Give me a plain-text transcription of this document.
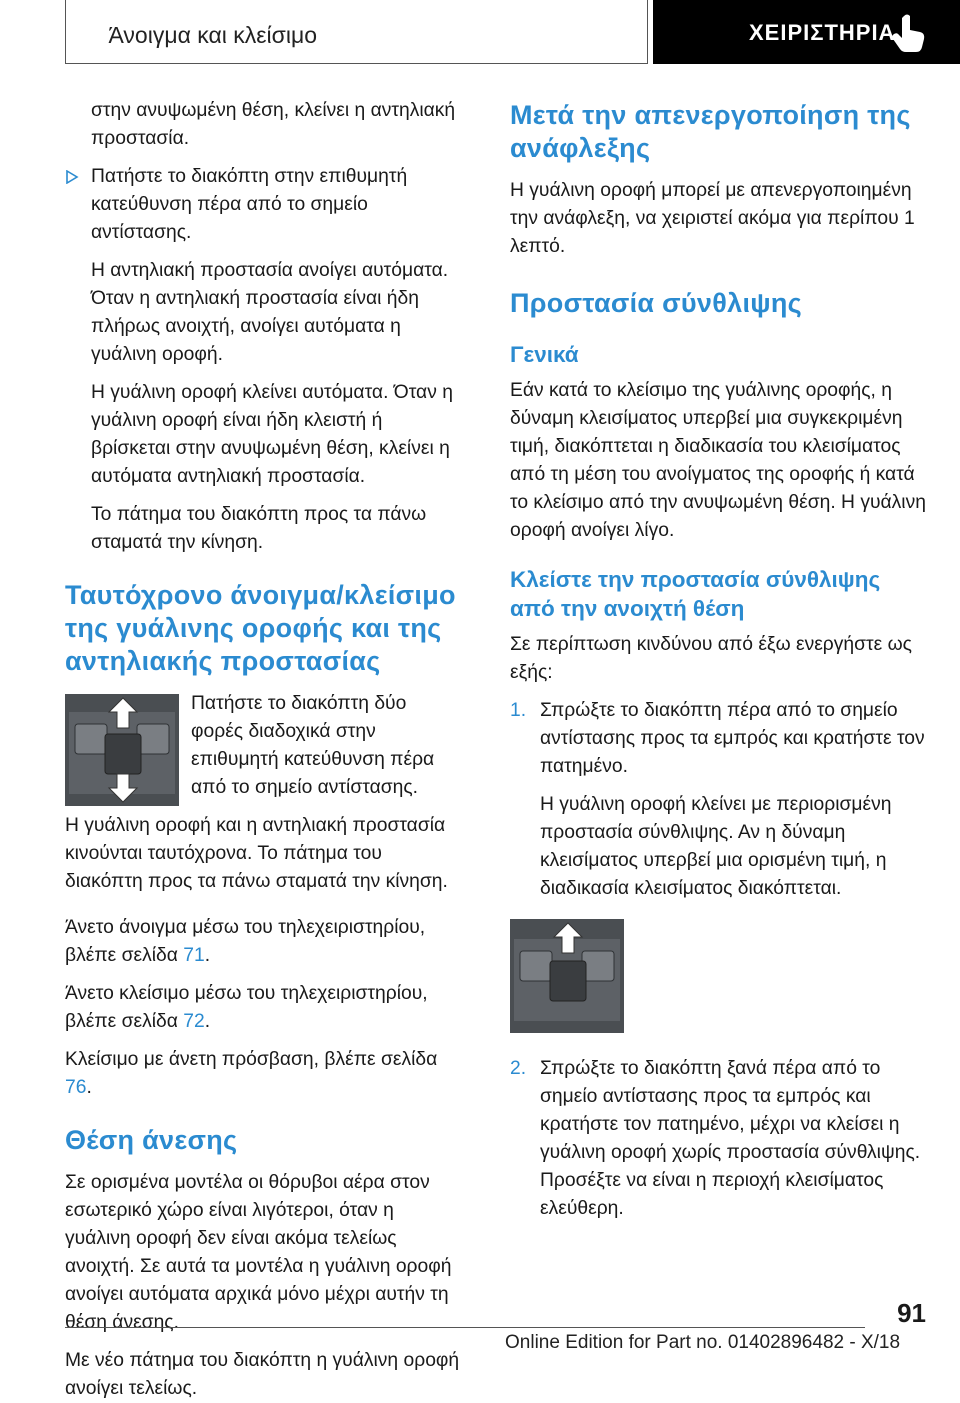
Άνοιγμα και κλείσιμο	ΧΕΙΡΙΣΤΗΡΙΑ

στην ανυψωμένη θέση, κλείνει η αντηλιακή προστασία.

Πατήστε το διακόπτη στην επιθυμητή κατεύθυνση πέρα από το σημείο αντίστασης.

Η αντηλιακή προστασία ανοίγει αυτόματα. Όταν η αντηλιακή προστασία είναι ήδη πλήρως ανοιχτή, ανοίγει αυτόματα η γυάλινη οροφή.

Η γυάλινη οροφή κλείνει αυτόματα. Όταν η γυάλινη οροφή είναι ήδη κλειστή ή βρίσκεται στην ανυψωμένη θέση, κλείνει η αυτόματα αντηλιακή προστασία.

Το πάτημα του διακόπτη προς τα πάνω σταματά την κίνηση.

Ταυτόχρονο άνοιγμα/κλείσιμο της γυάλινης οροφής και της αντηλιακής προστασίας

Πατήστε το διακόπτη δύο φορές διαδοχικά στην επιθυμητή κατεύθυνση πέρα από το σημείο αντίστασης.

Η γυάλινη οροφή και η αντηλιακή προστασία κινούνται ταυτόχρονα. Το πάτημα του διακόπτη προς τα πάνω σταματά την κίνηση.

Άνετο άνοιγμα μέσω του τηλεχειριστηρίου, βλέπε σελίδα 71.

Άνετο κλείσιμο μέσω του τηλεχειριστηρίου, βλέπε σελίδα 72.

Κλείσιμο με άνετη πρόσβαση, βλέπε σελίδα 76.

Θέση άνεσης

Σε ορισμένα μοντέλα οι θόρυβοι αέρα στον εσωτερικό χώρο είναι λιγότεροι, όταν η γυάλινη οροφή δεν είναι ακόμα τελείως ανοιχτή. Σε αυτά τα μοντέλα η γυάλινη οροφή ανοίγει αυτόματα αρχικά μόνο μέχρι αυτήν τη θέση άνεσης.

Με νέο πάτημα του διακόπτη η γυάλινη οροφή ανοίγει τελείως.

Μετά την απενεργοποίηση της ανάφλεξης

Η γυάλινη οροφή μπορεί με απενεργοποιημένη την ανάφλεξη, να χειριστεί ακόμα για περίπου 1 λεπτό.

Προστασία σύνθλιψης
Γενικά

Εάν κατά το κλείσιμο της γυάλινης οροφής, η δύναμη κλεισίματος υπερβεί μια συγκεκριμένη τιμή, διακόπτεται η διαδικασία του κλεισίματος από τη μέση του ανοίγματος της οροφής ή κατά το κλείσιμο από την ανυψωμένη θέση. Η γυάλινη οροφή ανοίγει λίγο.

Κλείστε την προστασία σύνθλιψης από την ανοιχτή θέση

Σε περίπτωση κινδύνου από έξω ενεργήστε ως εξής:

1. Σπρώξτε το διακόπτη πέρα από το σημείο αντίστασης προς τα εμπρός και κρατήστε τον πατημένο.

Η γυάλινη οροφή κλείνει με περιορισμένη προστασία σύνθλιψης. Αν η δύναμη κλεισίματος υπερβεί μια ορισμένη τιμή, η διαδικασία κλεισίματος διακόπτεται.

2. Σπρώξτε το διακόπτη ξανά πέρα από το σημείο αντίστασης προς τα εμπρός και κρατήστε τον πατημένο, μέχρι να κλείσει η γυάλινη οροφή χωρίς προστασία σύνθλιψης. Προσέξτε να είναι η περιοχή κλεισίματος ελεύθερη.

91
Online Edition for Part no. 01402896482 - X/18
